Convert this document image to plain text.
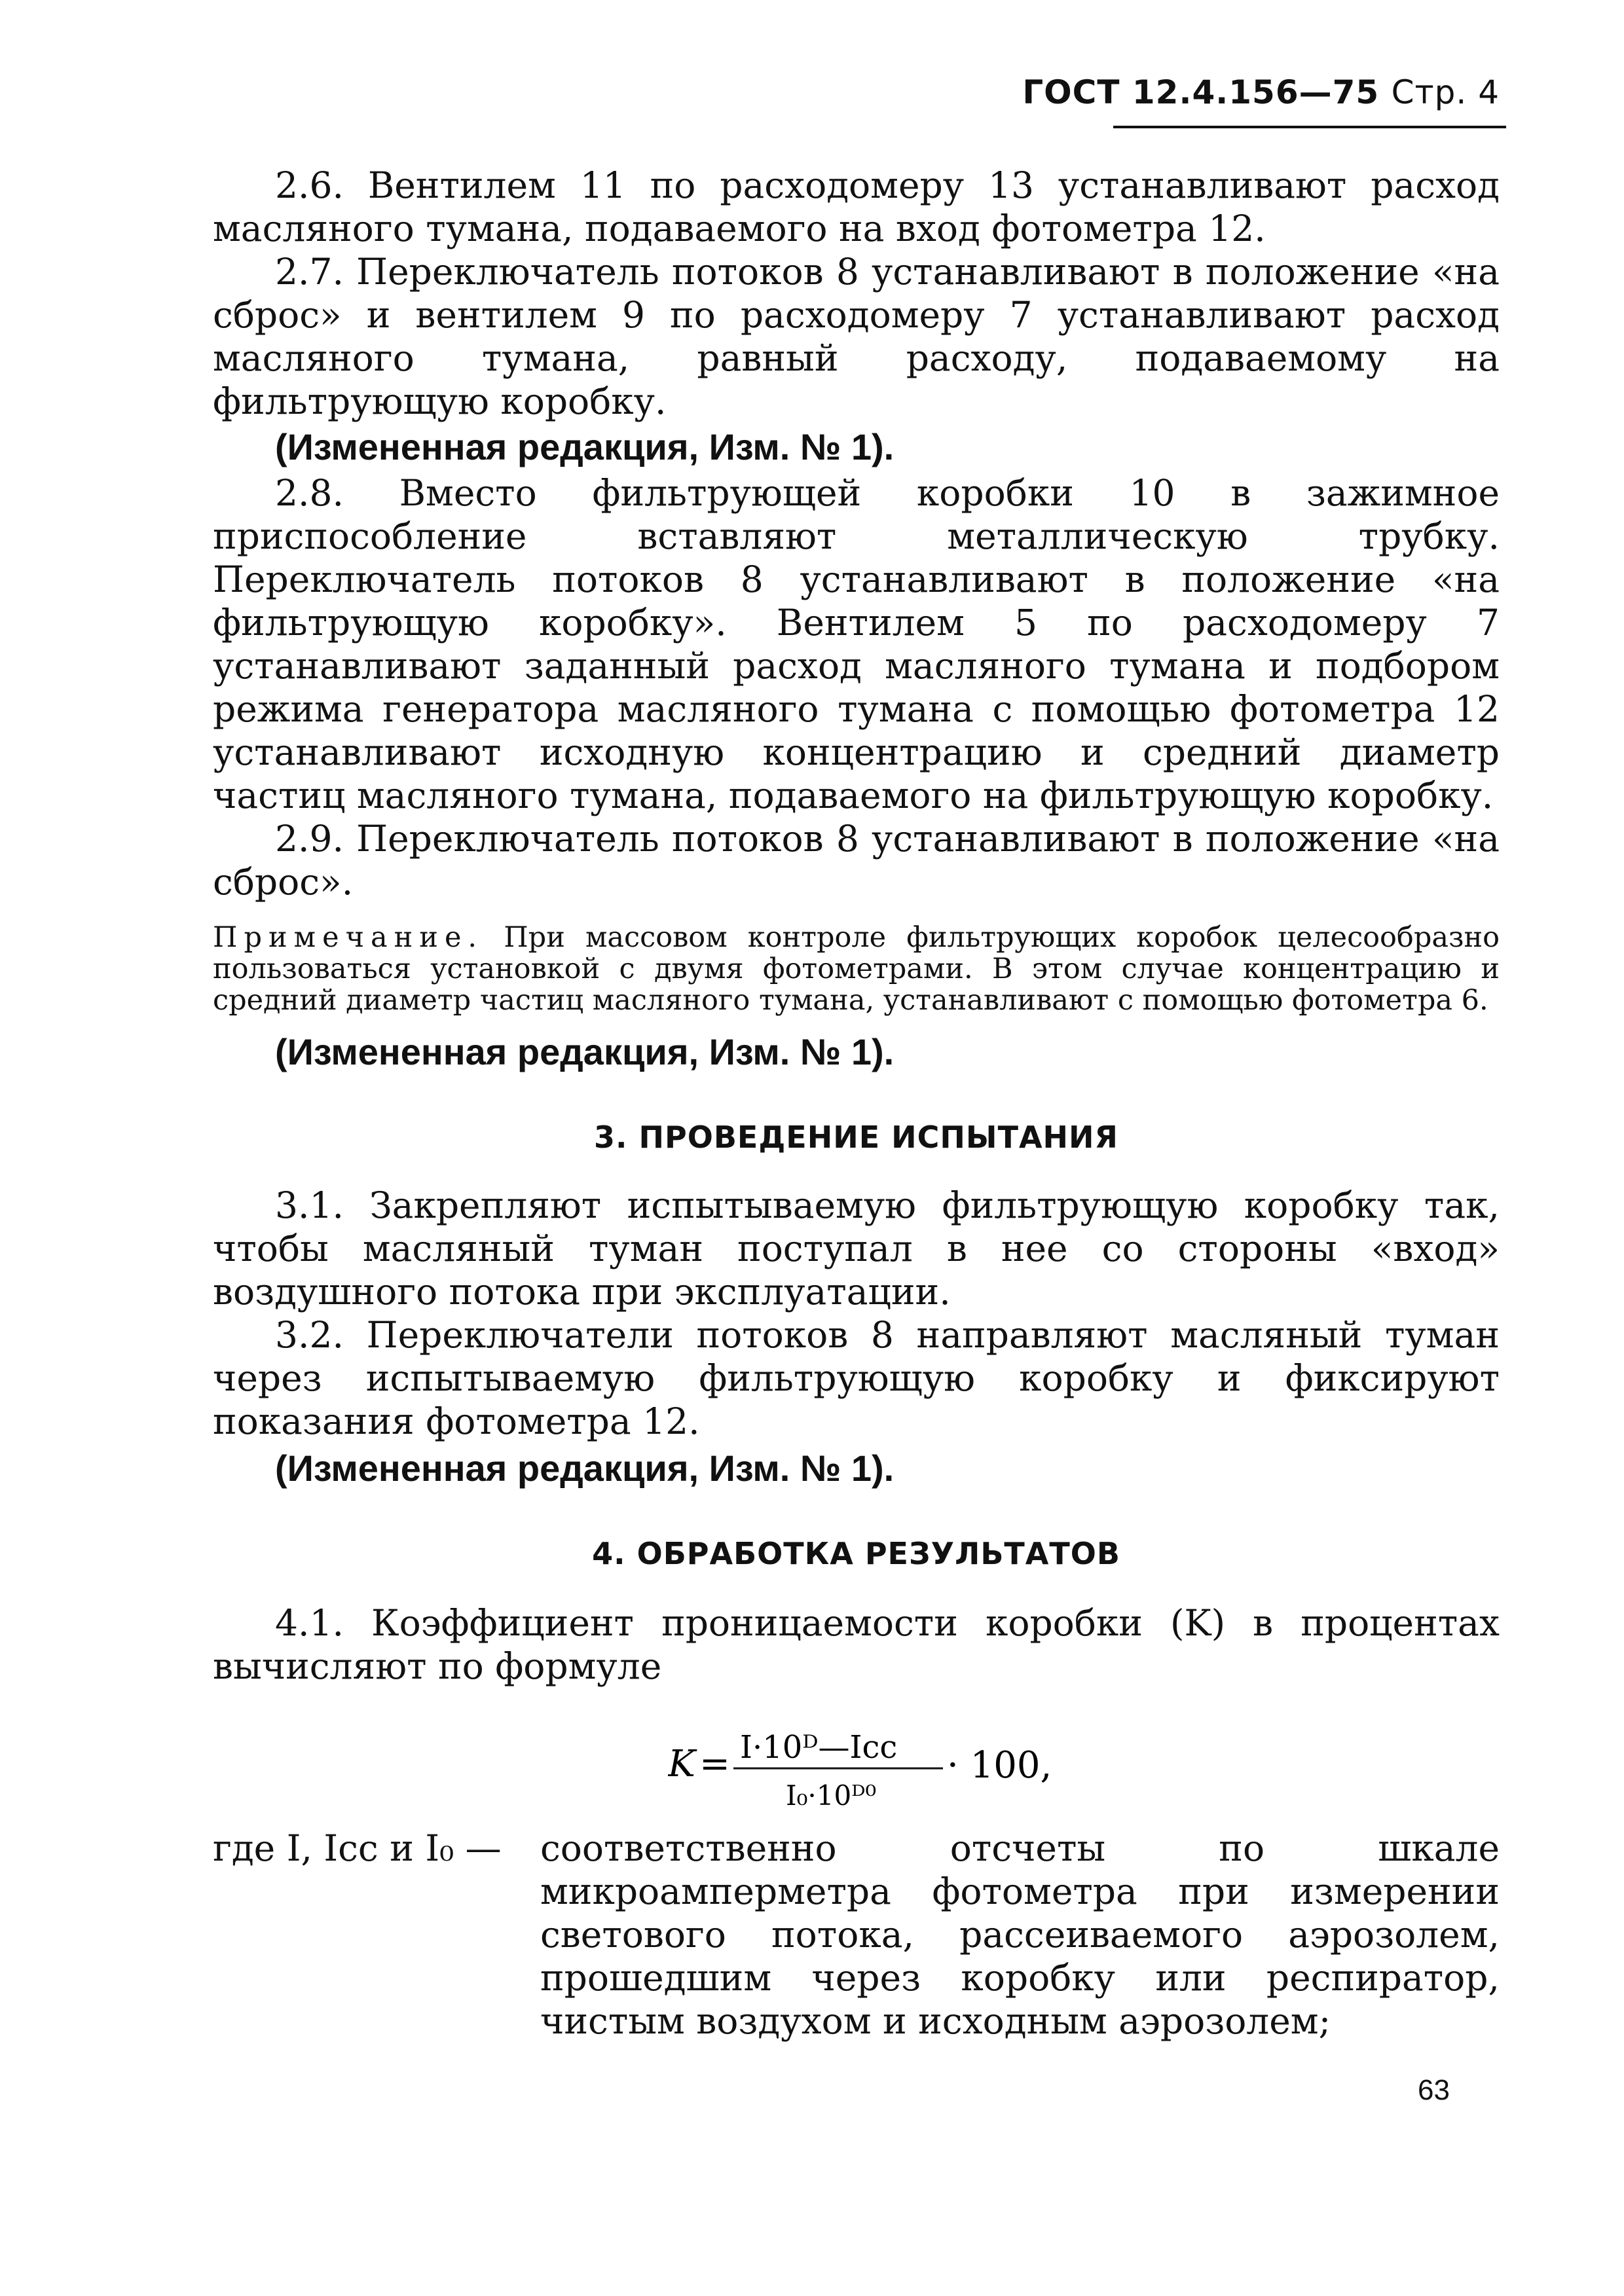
ГОСТ 12.4.156—75 Стр. 4

2.6. Вентилем 11 по расходомеру 13 устанавливают расход масляного тумана, подаваемого на вход фотометра 12.

2.7. Переключатель потоков 8 устанавливают в положение «на сброс» и вентилем 9 по расходомеру 7 устанавливают расход масляного тумана, равный расходу, подаваемому на фильтрующую коробку.

(Измененная редакция, Изм. № 1).

2.8. Вместо фильтрующей коробки 10 в зажимное приспособление вставляют металлическую трубку. Переключатель потоков 8 устанавливают в положение «на фильтрующую коробку». Вентилем 5 по расходомеру 7 устанавливают заданный расход масляного тумана и подбором режима генератора масляного тумана с помощью фотометра 12 устанавливают исходную концентрацию и средний диаметр частиц масляного тумана, подаваемого на фильтрующую коробку.

2.9. Переключатель потоков 8 устанавливают в положение «на сброс».

Примечание. При массовом контроле фильтрующих коробок целесообразно пользоваться установкой с двумя фотометрами. В этом случае концентрацию и средний диаметр частиц масляного тумана, устанавливают с помощью фотометра 6.

(Измененная редакция, Изм. № 1).

3. ПРОВЕДЕНИЕ ИСПЫТАНИЯ

3.1. Закрепляют испытываемую фильтрующую коробку так, чтобы масляный туман поступал в нее со стороны «вход» воздушного потока при эксплуатации.

3.2. Переключатели потоков 8 направляют масляный туман через испытываемую фильтрующую коробку и фиксируют показания фотометра 12.

(Измененная редакция, Изм. № 1).

4. ОБРАБОТКА РЕЗУЛЬТАТОВ

4.1. Коэффициент проницаемости коробки (K) в процентах вычисляют по формуле

K = I·10ᴰ—Iсс
I₀·10ᴰ⁰
· 100,
где I, Iсс и I₀ — соответственно отсчеты по шкале микроамперметра фотометра при измерении светового потока, рассеиваемого аэрозолем, прошедшим через коробку или респиратор, чистым воздухом и исходным аэрозолем;
63
